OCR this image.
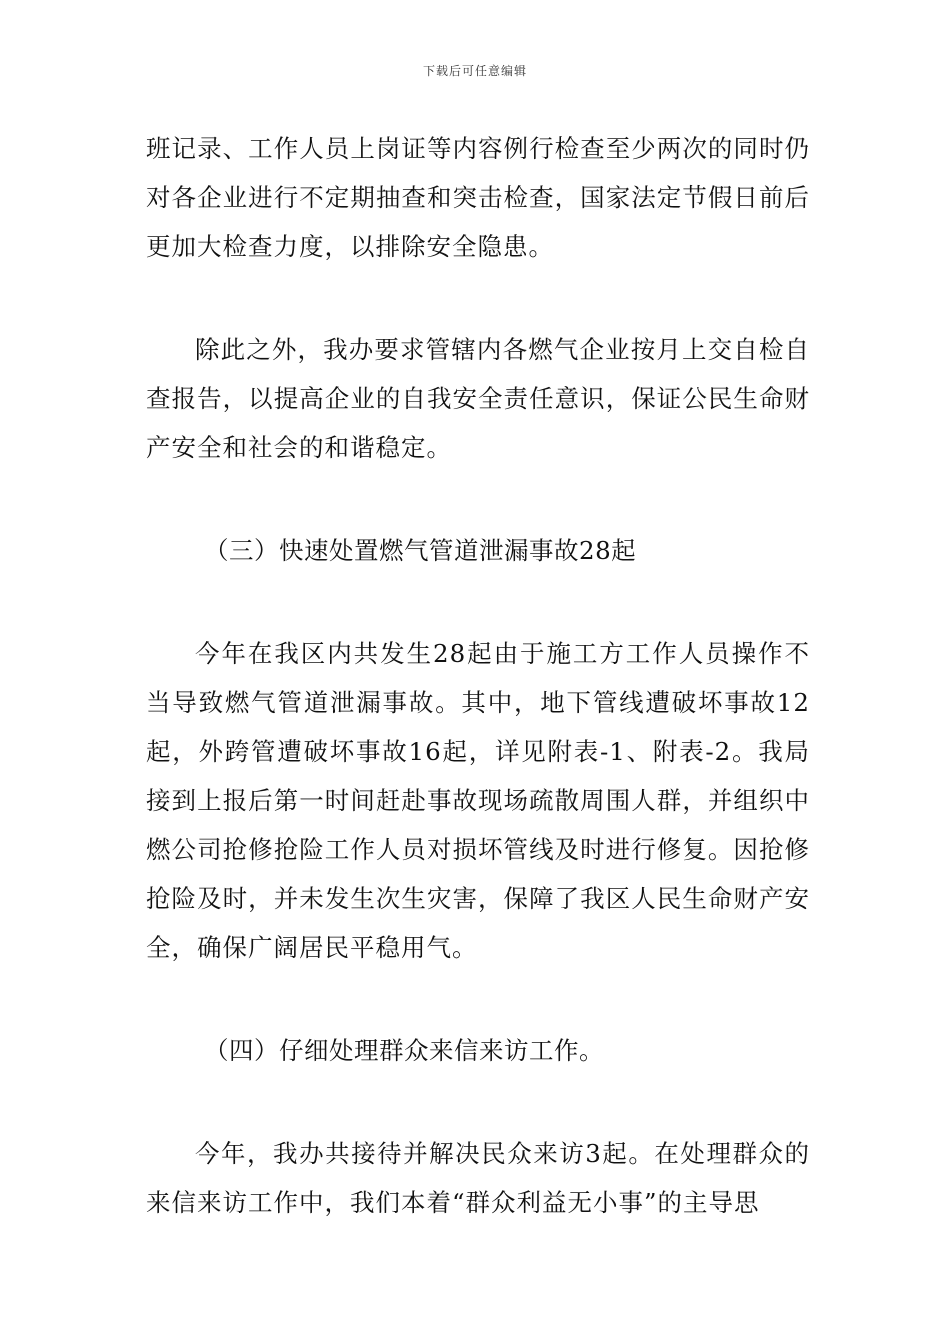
下载后可任意编辑

班记录、工作人员上岗证等内容例行检查至少两次的同时仍对各企业进行不定期抽查和突击检查，国家法定节假日前后更加大检查力度，以排除安全隐患。

除此之外，我办要求管辖内各燃气企业按月上交自检自查报告，以提高企业的自我安全责任意识，保证公民生命财产安全和社会的和谐稳定。

（三）快速处置燃气管道泄漏事故28起

今年在我区内共发生28起由于施工方工作人员操作不当导致燃气管道泄漏事故。其中，地下管线遭破坏事故12起，外跨管遭破坏事故16起，详见附表-1、附表-2。我局接到上报后第一时间赶赴事故现场疏散周围人群，并组织中燃公司抢修抢险工作人员对损坏管线及时进行修复。因抢修抢险及时，并未发生次生灾害，保障了我区人民生命财产安全，确保广阔居民平稳用气。

（四）仔细处理群众来信来访工作。

今年，我办共接待并解决民众来访3起。在处理群众的来信来访工作中，我们本着“群众利益无小事”的主导思
